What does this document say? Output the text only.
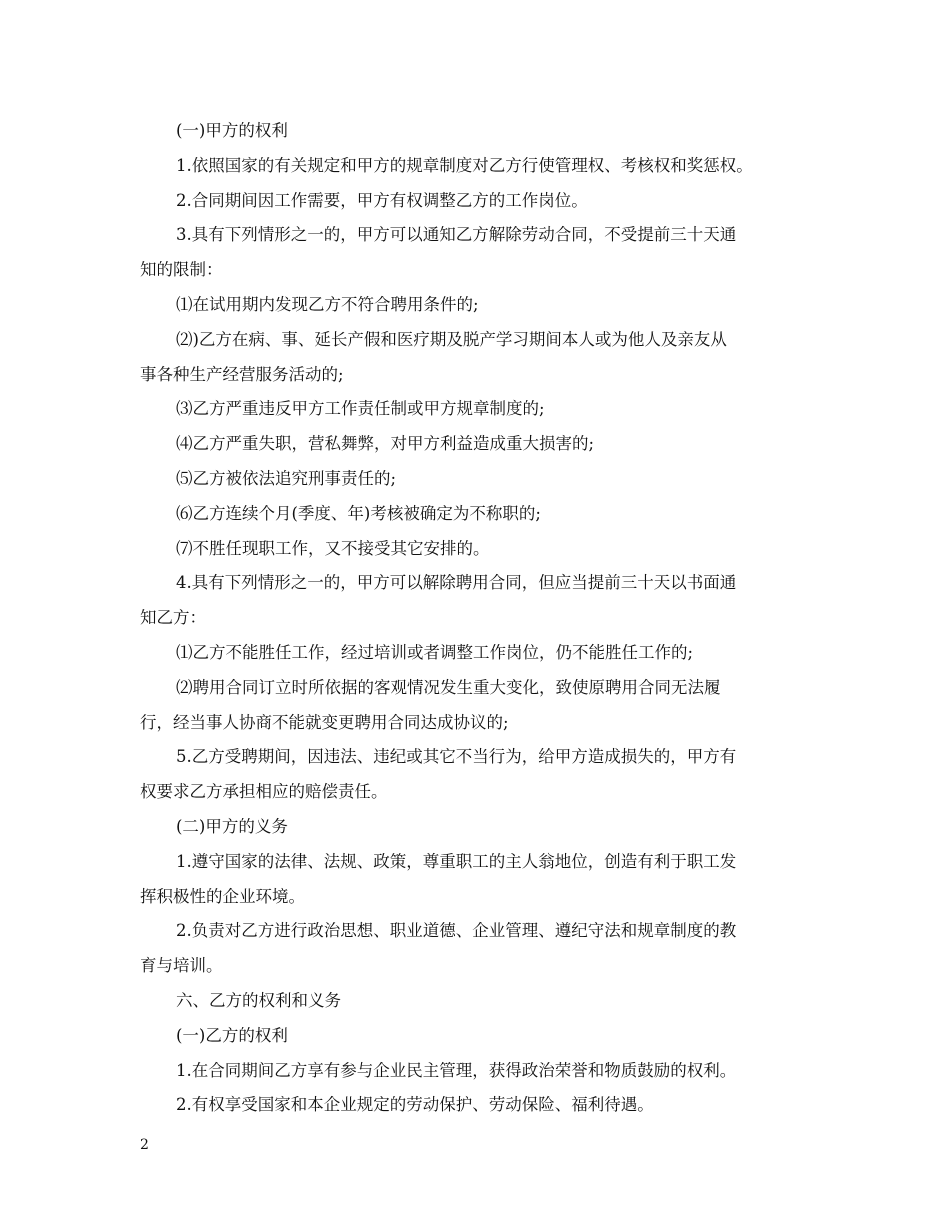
(一)甲方的权利

1.依照国家的有关规定和甲方的规章制度对乙方行使管理权、考核权和奖惩权。

2.合同期间因工作需要，甲方有权调整乙方的工作岗位。

3.具有下列情形之一的，甲方可以通知乙方解除劳动合同，不受提前三十天通

知的限制：

⑴在试用期内发现乙方不符合聘用条件的;

⑵)乙方在病、事、延长产假和医疗期及脱产学习期间本人或为他人及亲友从

事各种生产经营服务活动的;

⑶乙方严重违反甲方工作责任制或甲方规章制度的;

⑷乙方严重失职，营私舞弊，对甲方利益造成重大损害的;

⑸乙方被依法追究刑事责任的;

⑹乙方连续个月(季度、年)考核被确定为不称职的;

⑺不胜任现职工作，又不接受其它安排的。

4.具有下列情形之一的，甲方可以解除聘用合同，但应当提前三十天以书面通

知乙方：

⑴乙方不能胜任工作，经过培训或者调整工作岗位，仍不能胜任工作的;

⑵聘用合同订立时所依据的客观情况发生重大变化，致使原聘用合同无法履

行，经当事人协商不能就变更聘用合同达成协议的;

5.乙方受聘期间，因违法、违纪或其它不当行为，给甲方造成损失的，甲方有

权要求乙方承担相应的赔偿责任。

(二)甲方的义务

1.遵守国家的法律、法规、政策，尊重职工的主人翁地位，创造有利于职工发

挥积极性的企业环境。

2.负责对乙方进行政治思想、职业道德、企业管理、遵纪守法和规章制度的教

育与培训。

六、乙方的权利和义务

(一)乙方的权利

1.在合同期间乙方享有参与企业民主管理，获得政治荣誉和物质鼓励的权利。

2.有权享受国家和本企业规定的劳动保护、劳动保险、福利待遇。

2
